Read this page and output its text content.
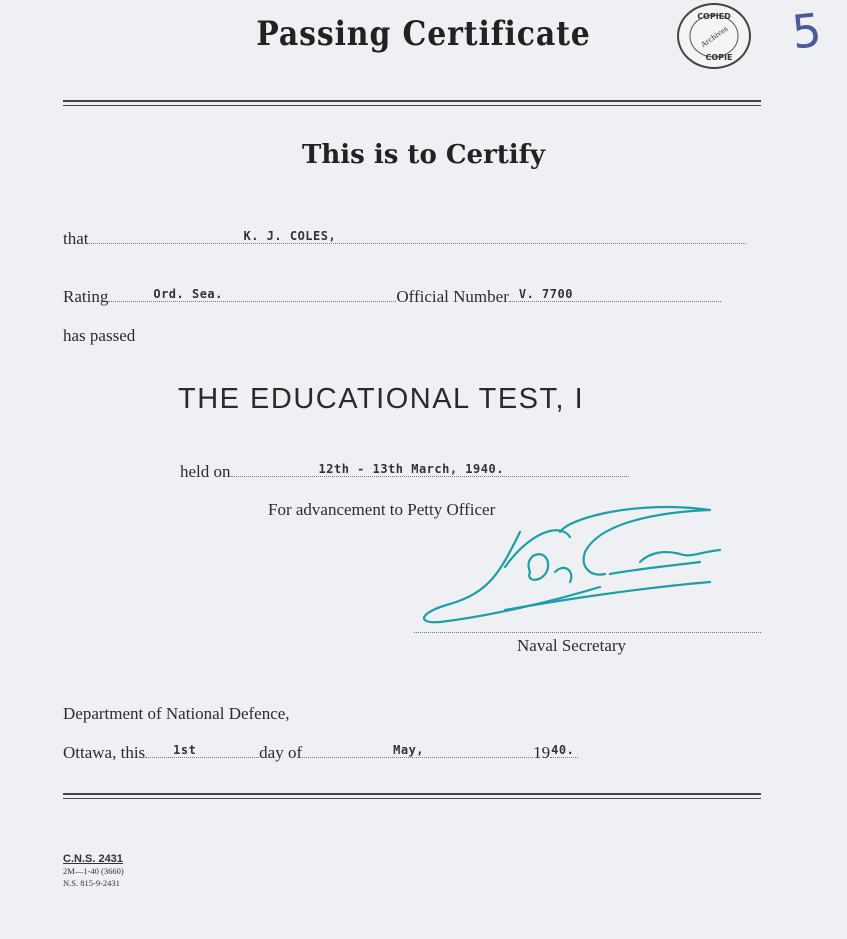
Passing Certificate	COPIED
Archives
COPIE 5
This is to Certify
that	K. J. COLES,
Rating	Ord. Sea.	Official Number V. 7700
has passed
THE EDUCATIONAL TEST, I
held on	12th - 13th March, 1940.
For advancement to Petty Officer
Naval Secretary
Department of National Defence,
Ottawa, this 1st	day of	May,	19 40.
C.N.S. 2431
2M—1-40 (3660)
N.S. 815-9-2431
